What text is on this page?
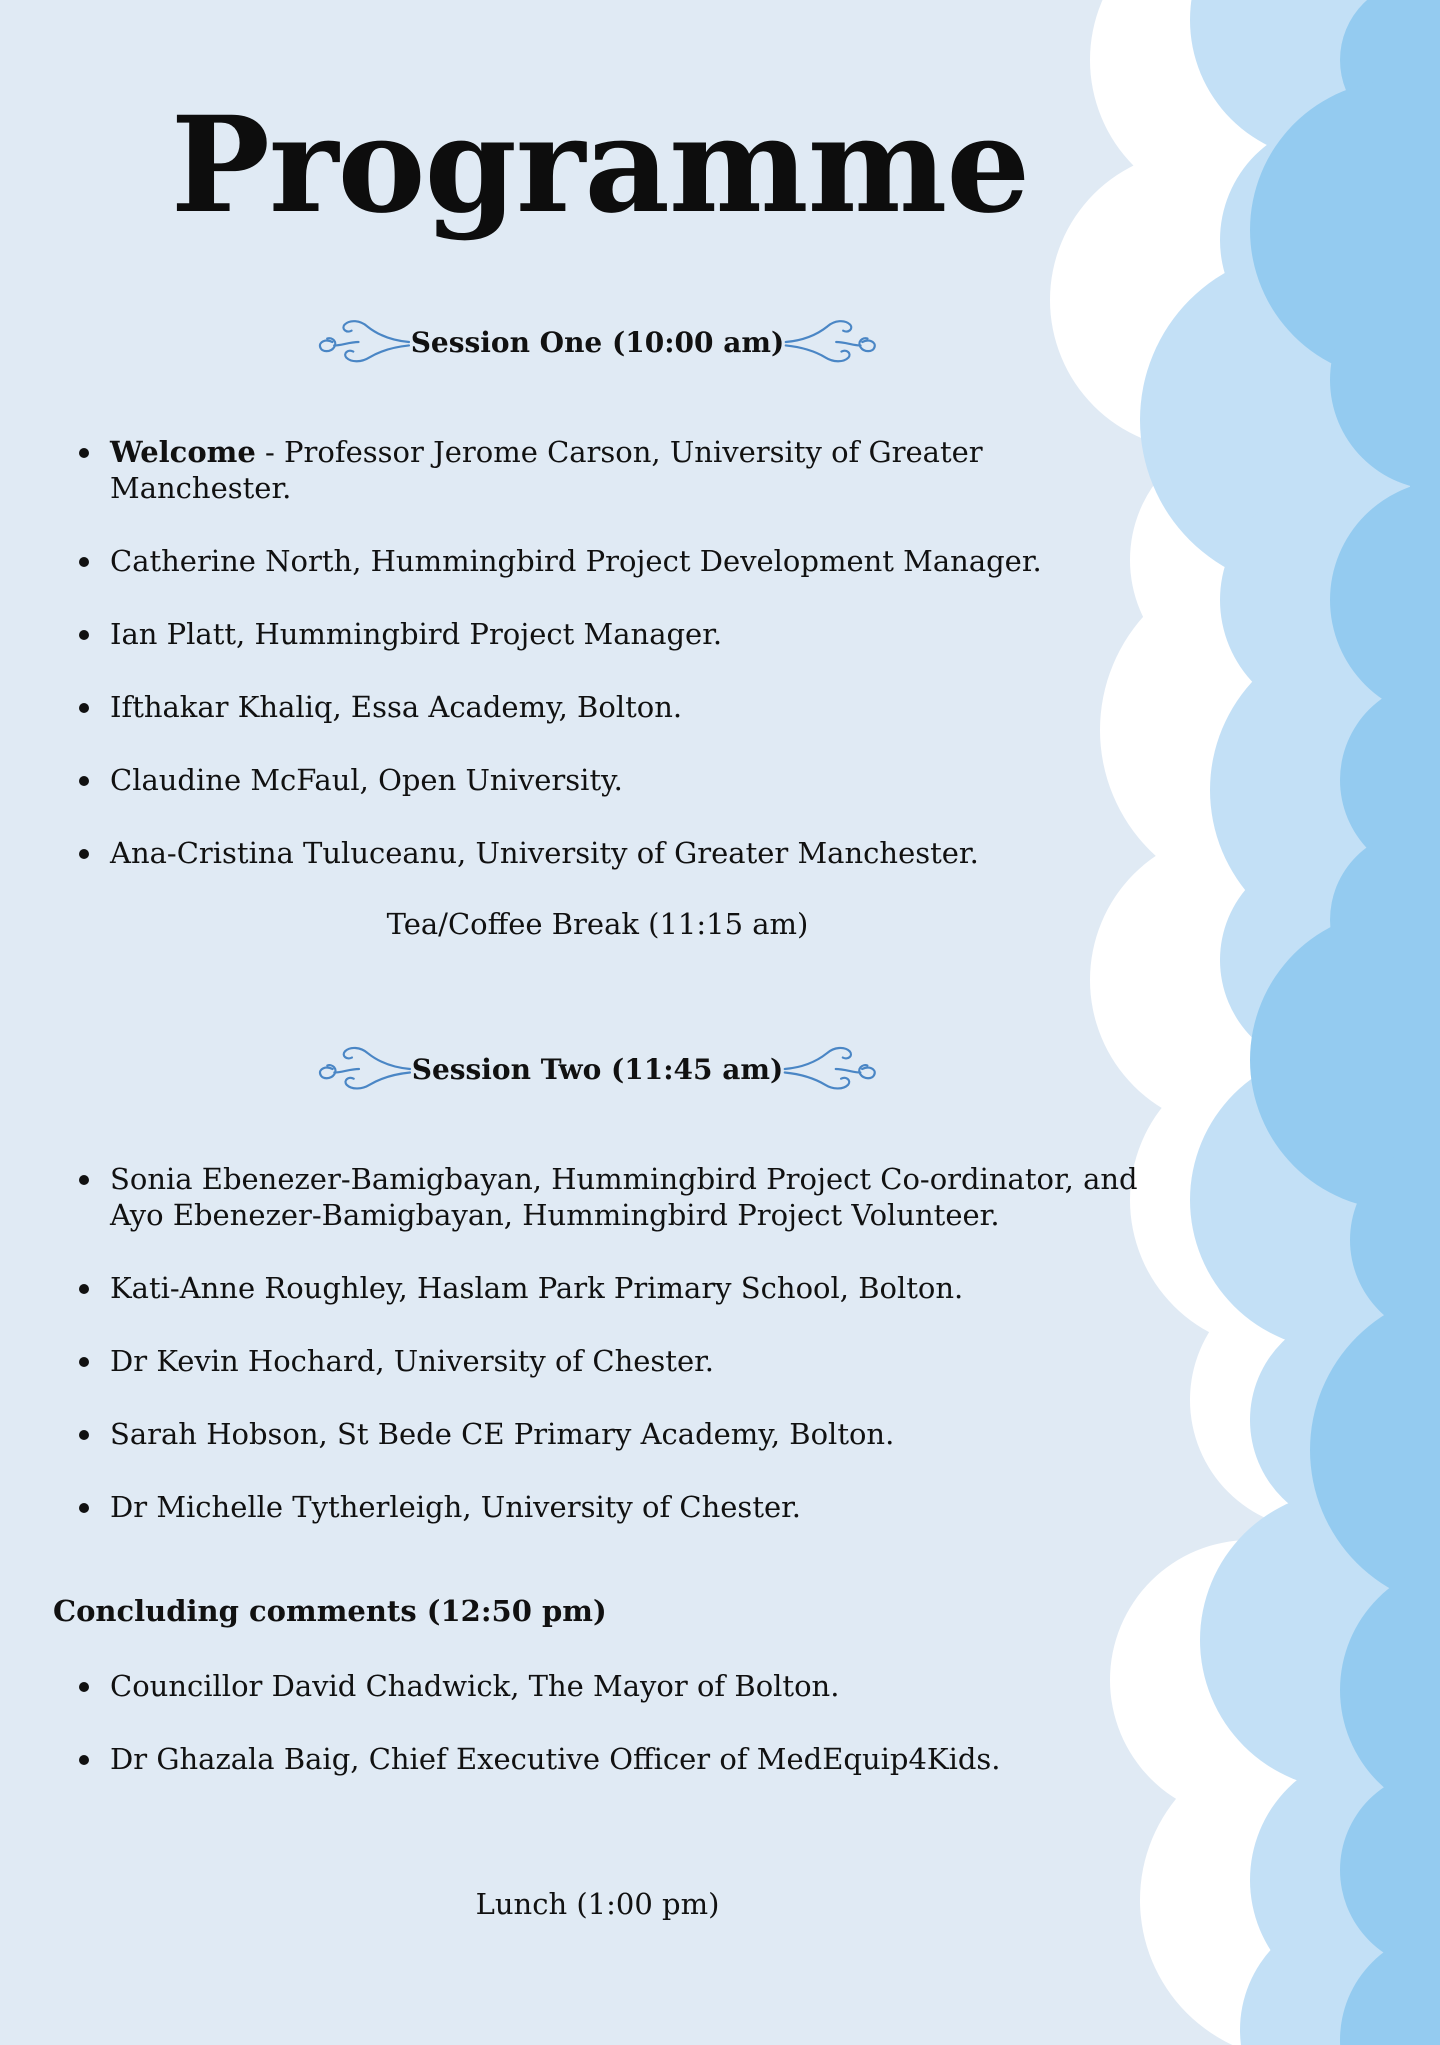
Programme
Session One (10:00 am)
Welcome - Professor Jerome Carson, University of Greater Manchester.
Catherine North, Hummingbird Project Development Manager.
Ian Platt, Hummingbird Project Manager.
Ifthakar Khaliq, Essa Academy, Bolton.
Claudine McFaul, Open University.
Ana-Cristina Tuluceanu, University of Greater Manchester.
Tea/Coffee Break (11:15 am)
Session Two (11:45 am)
Sonia Ebenezer-Bamigbayan, Hummingbird Project Co-ordinator, and Ayo Ebenezer-Bamigbayan, Hummingbird Project Volunteer.
Kati-Anne Roughley, Haslam Park Primary School, Bolton.
Dr Kevin Hochard, University of Chester.
Sarah Hobson, St Bede CE Primary Academy, Bolton.
Dr Michelle Tytherleigh, University of Chester.
Concluding comments (12:50 pm)
Councillor David Chadwick, The Mayor of Bolton.
Dr Ghazala Baig, Chief Executive Officer of MedEquip4Kids.
Lunch (1:00 pm)
